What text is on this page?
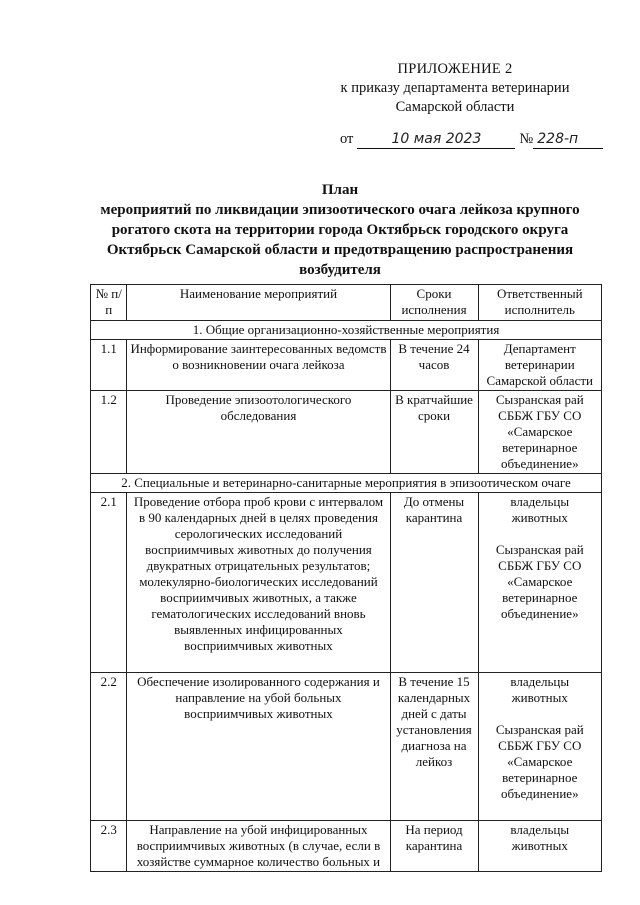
ПРИЛОЖЕНИЕ 2
к приказу департамента ветеринарии
Самарской области
от	10 мая 2023	№ 228-п
План
мероприятий по ликвидации эпизоотического очага лейкоза крупного рогатого скота на территории города Октябрьск городского округа Октябрьск Самарской области и предотвращению распространения возбудителя
№ п/п	Наименование мероприятий	Сроки исполнения	Ответственный исполнитель
1. Общие организационно-хозяйственные мероприятия			
1.1	Информирование заинтересованных ведомств о возникновении очага лейкоза	В течение 24 часов	Департамент ветеринарии Самарской области
1.2	Проведение эпизоотологического обследования	В кратчайшие сроки	Сызранская рай СББЖ ГБУ СО «Самарское ветеринарное объединение»
2. Специальные и ветеринарно-санитарные мероприятия в эпизоотическом очаге			
2.1	Проведение отбора проб крови с интервалом в 90 календарных дней в целях проведения серологических исследований восприимчивых животных до получения двукратных отрицательных результатов; молекулярно-биологических исследований восприимчивых животных, а также гематологических исследований вновь выявленных инфицированных восприимчивых животных	До отмены карантина	владельцы животных
Сызранская рай СББЖ ГБУ СО «Самарское ветеринарное объединение»
2.2	Обеспечение изолированного содержания и направление на убой больных восприимчивых животных	В течение 15 календарных дней с даты установления диагноза на лейкоз	владельцы животных
Сызранская рай СББЖ ГБУ СО «Самарское ветеринарное объединение»
2.3	Направление на убой инфицированных восприимчивых животных (в случае, если в хозяйстве суммарное количество больных и	На период карантина	владельцы животных
